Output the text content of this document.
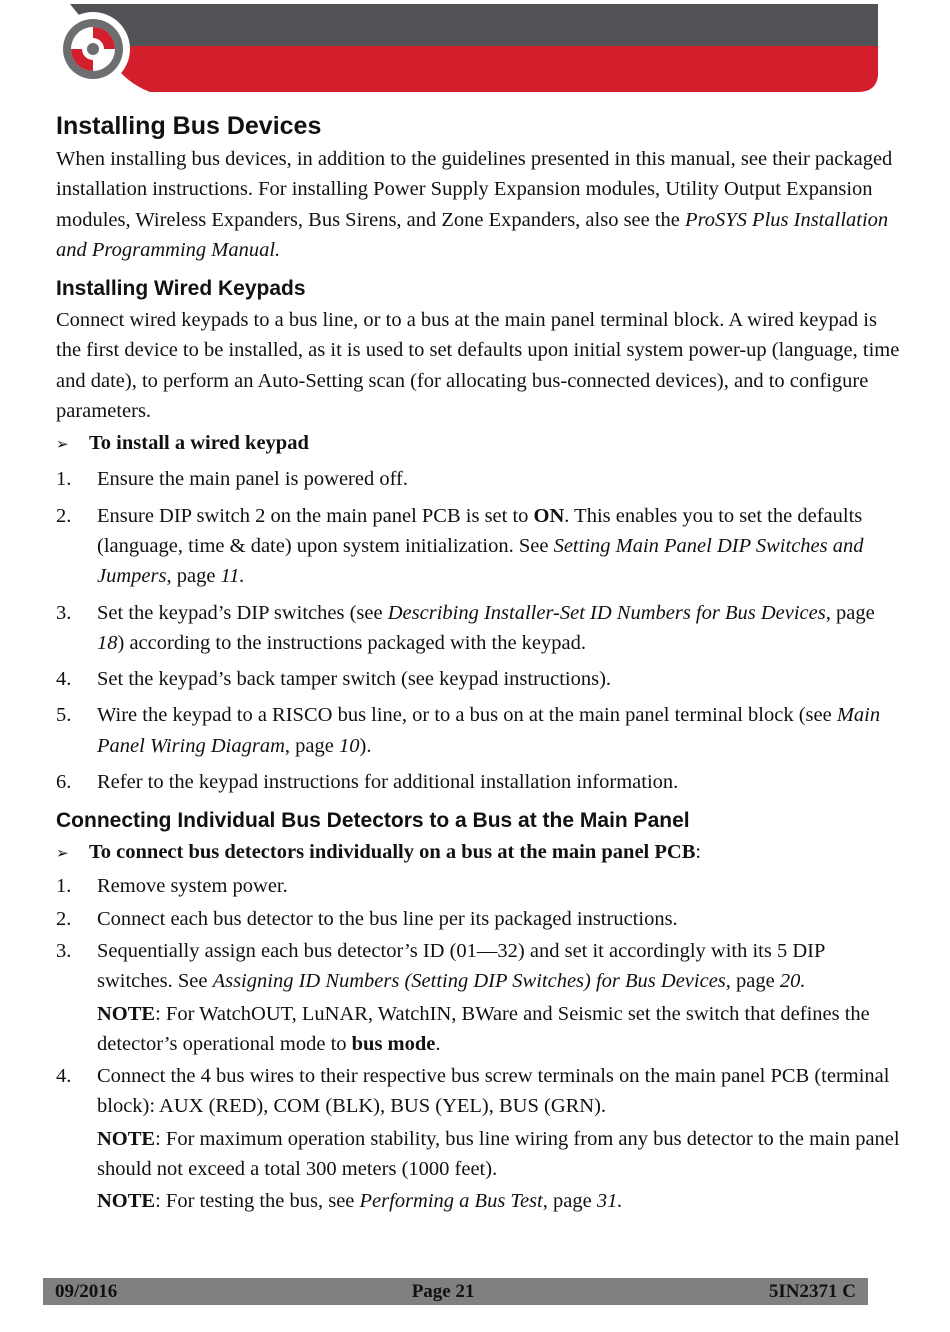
Installing Bus Devices

When installing bus devices, in addition to the guidelines presented in this manual, see their packaged installation instructions. For installing Power Supply Expansion modules, Utility Output Expansion modules, Wireless Expanders, Bus Sirens, and Zone Expanders, also see the ProSYS Plus Installation and Programming Manual.

Installing Wired Keypads

Connect wired keypads to a bus line, or to a bus at the main panel terminal block. A wired keypad is the first device to be installed, as it is used to set defaults upon initial system power-up (language, time and date), to perform an Auto-Setting scan (for allocating bus-connected devices), and to configure parameters.

➢ To install a wired keypad
1.	Ensure the main panel is powered off.
2.	Ensure DIP switch 2 on the main panel PCB is set to ON. This enables you to set the defaults (language, time & date) upon system initialization. See Setting Main Panel DIP Switches and Jumpers, page 11.
3.	Set the keypad’s DIP switches (see Describing Installer-Set ID Numbers for Bus Devices, page 18) according to the instructions packaged with the keypad.
4.	Set the keypad’s back tamper switch (see keypad instructions).
5.	Wire the keypad to a RISCO bus line, or to a bus on at the main panel terminal block (see Main Panel Wiring Diagram, page 10).
6.	Refer to the keypad instructions for additional installation information.
Connecting Individual Bus Detectors to a Bus at the Main Panel
➢ To connect bus detectors individually on a bus at the main panel PCB:
1.	Remove system power.
2.	Connect each bus detector to the bus line per its packaged instructions.
3.	Sequentially assign each bus detector’s ID (01—32) and set it accordingly with its 5 DIP switches. See Assigning ID Numbers (Setting DIP Switches) for Bus Devices, page 20.
NOTE: For WatchOUT, LuNAR, WatchIN, BWare and Seismic set the switch that defines the detector’s operational mode to bus mode.
4.	Connect the 4 bus wires to their respective bus screw terminals on the main panel PCB (terminal block): AUX (RED), COM (BLK), BUS (YEL), BUS (GRN).
NOTE: For maximum operation stability, bus line wiring from any bus detector to the main panel should not exceed a total 300 meters (1000 feet).
NOTE: For testing the bus, see Performing a Bus Test, page 31.
09/2016	Page 21	5IN2371 C
